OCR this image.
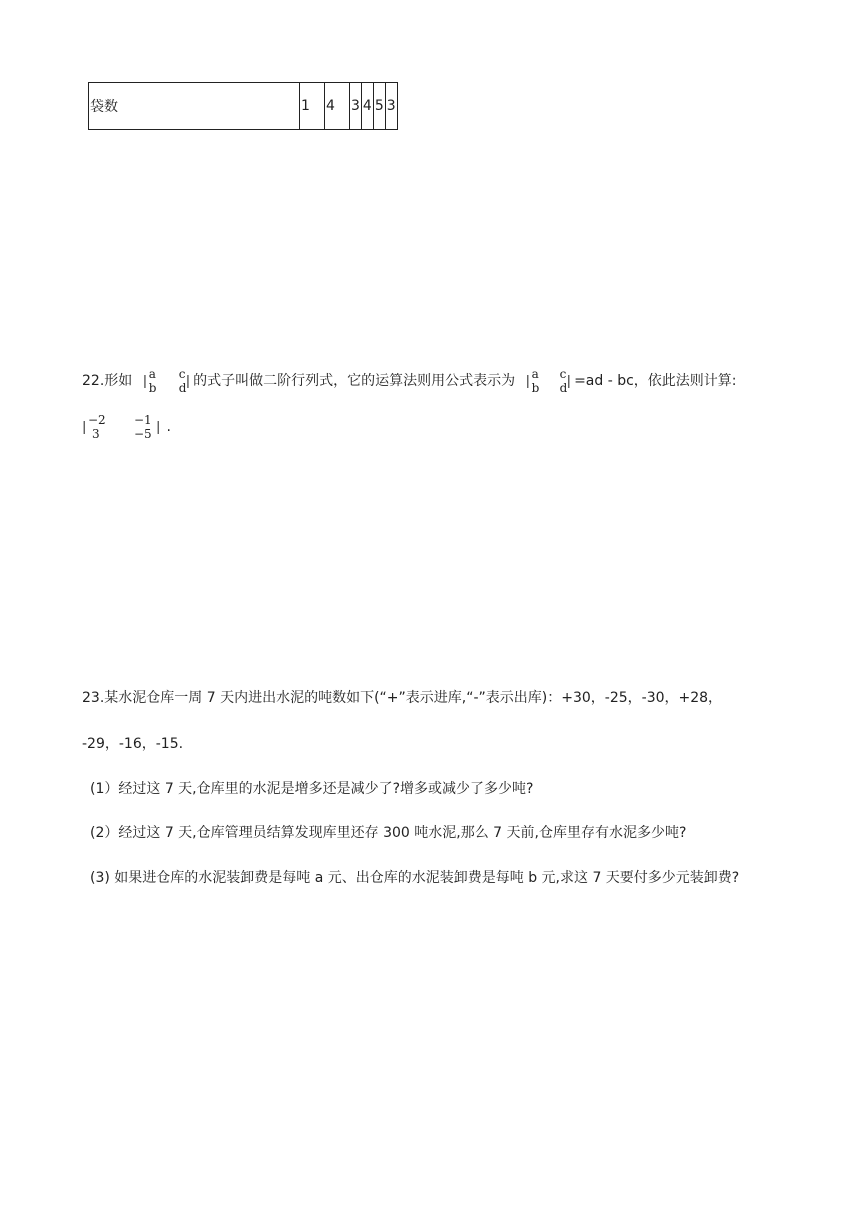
袋数	1	4	3	4	5	3
22.形如 | a
b
c
d | 的式子叫做二阶行列式，它的运算法则用公式表示为 | a
b
c
d | =ad - bc，依此法则计算:
| −2
3
−1
−5 | .
23.某水泥仓库一周 7 天内进出水泥的吨数如下(“+”表示进库,“-”表示出库)：+30，-25，-30，+28，
-29，-16，-15.
(1）经过这 7 天,仓库里的水泥是增多还是减少了?增多或减少了多少吨?
(2）经过这 7 天,仓库管理员结算发现库里还存 300 吨水泥,那么 7 天前,仓库里存有水泥多少吨?
(3) 如果进仓库的水泥装卸费是每吨 a 元、出仓库的水泥装卸费是每吨 b 元,求这 7 天要付多少元装卸费?
